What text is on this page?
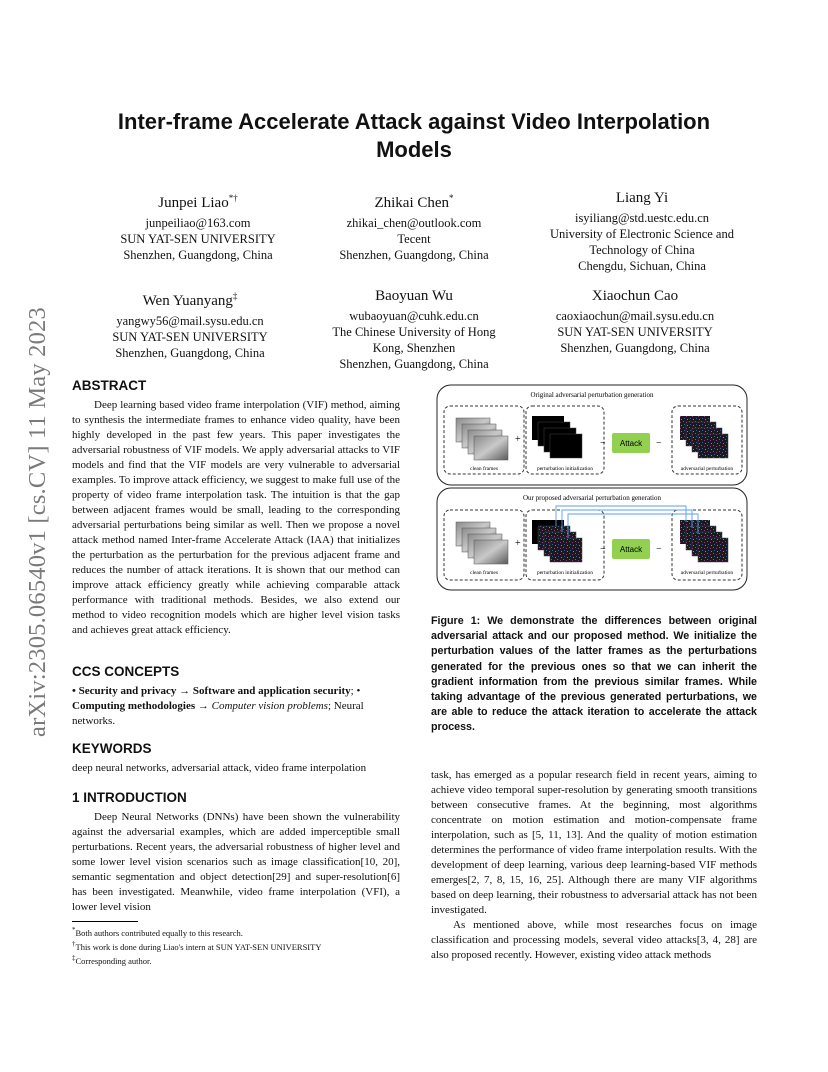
arXiv:2305.06540v1 [cs.CV] 11 May 2023
Inter-frame Accelerate Attack against Video Interpolation Models
Junpei Liao*†
junpeiliao@163.com
SUN YAT-SEN UNIVERSITY
Shenzhen, Guangdong, China
Zhikai Chen*
zhikai_chen@outlook.com
Tecent
Shenzhen, Guangdong, China
Liang Yi
isyiliang@std.uestc.edu.cn
University of Electronic Science and
Technology of China
Chengdu, Sichuan, China
Wen Yuanyang‡
yangwy56@mail.sysu.edu.cn
SUN YAT-SEN UNIVERSITY
Shenzhen, Guangdong, China
Baoyuan Wu
wubaoyuan@cuhk.edu.cn
The Chinese University of Hong
Kong, Shenzhen
Shenzhen, Guangdong, China
Xiaochun Cao
caoxiaochun@mail.sysu.edu.cn
SUN YAT-SEN UNIVERSITY
Shenzhen, Guangdong, China
ABSTRACT

Deep learning based video frame interpolation (VIF) method, aiming to synthesis the intermediate frames to enhance video quality, have been highly developed in the past few years. This paper investigates the adversarial robustness of VIF models. We apply adversarial attacks to VIF models and find that the VIF models are very vulnerable to adversarial examples. To improve attack efficiency, we suggest to make full use of the property of video frame interpolation task. The intuition is that the gap between adjacent frames would be small, leading to the corresponding adversarial perturbations being similar as well. Then we propose a novel attack method named Inter-frame Accelerate Attack (IAA) that initializes the perturbation as the perturbation for the previous adjacent frame and reduces the number of attack iterations. It is shown that our method can improve attack efficiency greatly while achieving comparable attack performance with traditional methods. Besides, we also extend our method to video recognition models which are higher level vision tasks and achieves great attack efficiency.

CCS CONCEPTS

• Security and privacy → Software and application security; • Computing methodologies → Computer vision problems; Neural networks.

KEYWORDS

deep neural networks, adversarial attack, video frame interpolation

1 INTRODUCTION

Deep Neural Networks (DNNs) have been shown the vulnerability against the adversarial examples, which are added imperceptible small perturbations. Recent years, the adversarial robustness of higher level and some lower level vision scenarios such as image classification[10, 20], semantic segmentation and object detection[29] and super-resolution[6] has been investigated. Meanwhile, video frame interpolation (VFI), a lower level vision

*Both authors contributed equally to this research.
†This work is done during Liao's intern at SUN YAT-SEN UNIVERSITY
‡Corresponding author.
Original adversarial perturbation generation
+
clean frames	perturbation initialization
− Attack −
adversarial perturbation
Our proposed adversarial perturbation generation
+
clean frames	perturbation initialization
− Attack −
adversarial perturbation

Figure 1: We demonstrate the differences between original adversarial attack and our proposed method. We initialize the perturbation values of the latter frames as the perturbations generated for the previous ones so that we can inherit the gradient information from the previous similar frames. While taking advantage of the previous generated perturbations, we are able to reduce the attack iteration to accelerate the attack process.

task, has emerged as a popular research field in recent years, aiming to achieve video temporal super-resolution by generating smooth transitions between consecutive frames. At the beginning, most algorithms concentrate on motion estimation and motion-compensate frame interpolation, such as [5, 11, 13]. And the quality of motion estimation determines the performance of video frame interpolation results. With the development of deep learning, various deep learning-based VIF methods emerges[2, 7, 8, 15, 16, 25]. Although there are many VIF algorithms based on deep learning, their robustness to adversarial attack has not been investigated.

As mentioned above, while most researches focus on image classification and processing models, several video attacks[3, 4, 28] are also proposed recently. However, existing video attack methods
